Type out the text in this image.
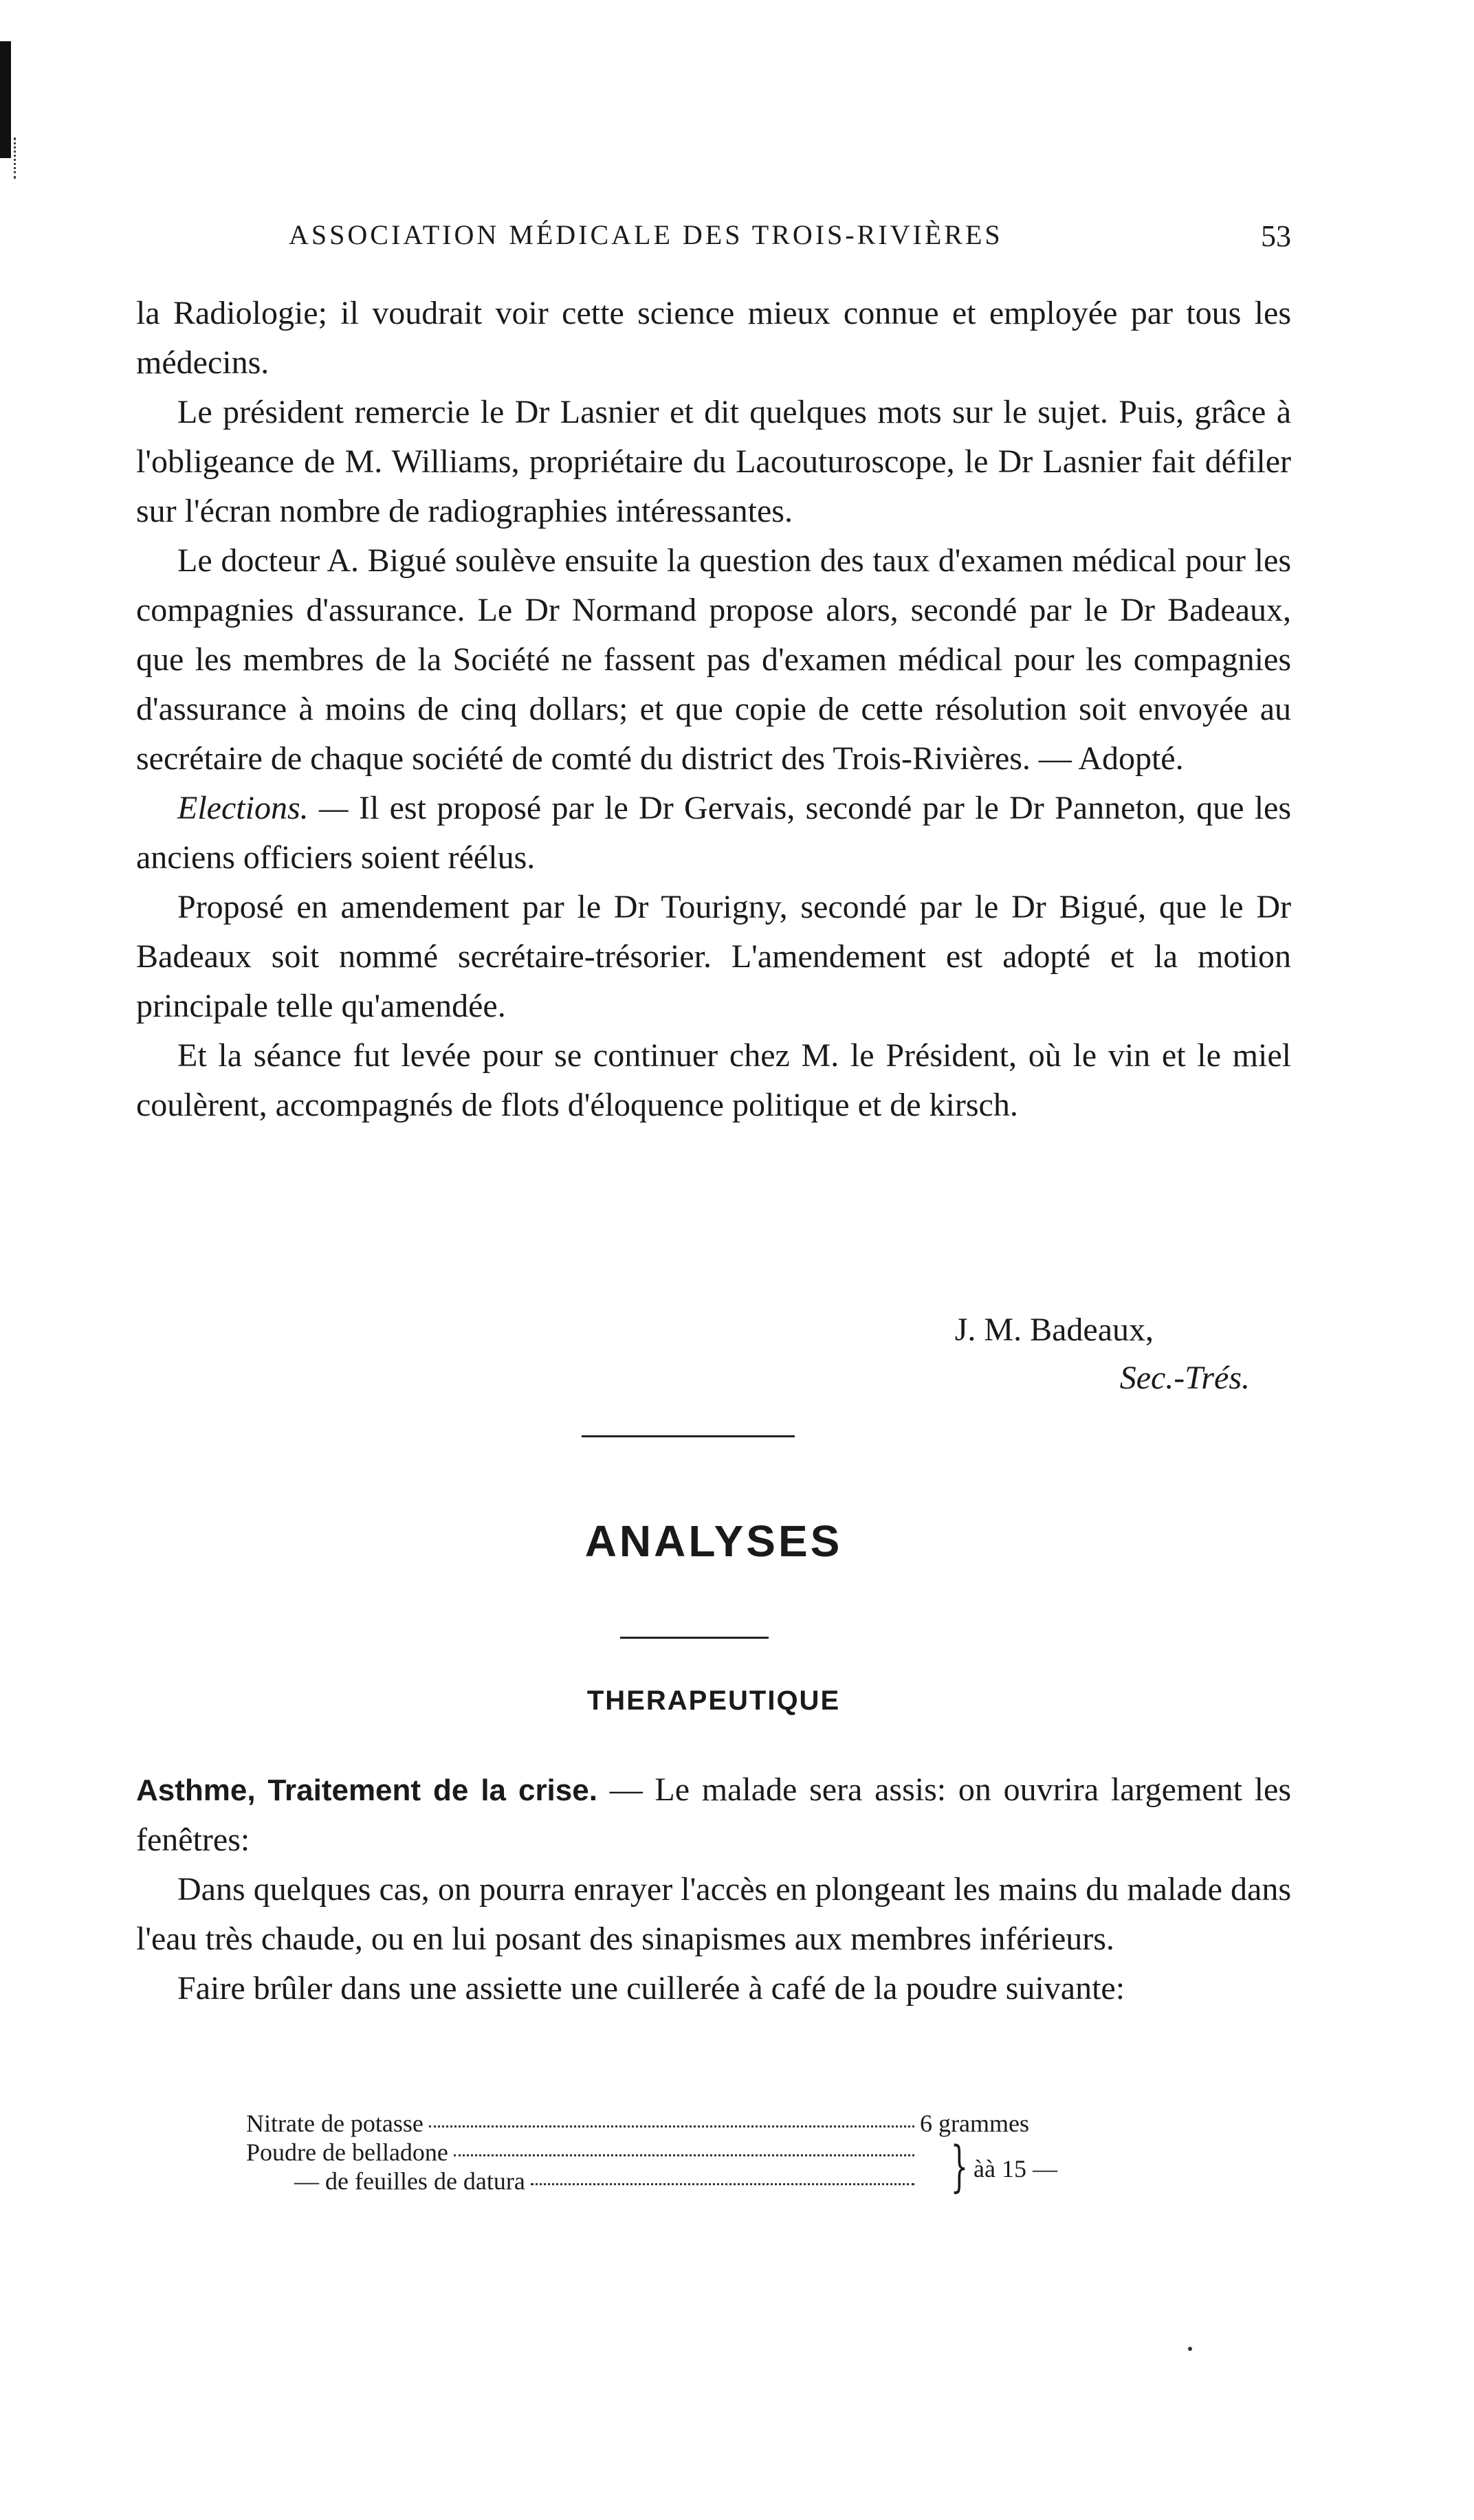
ASSOCIATION MÉDICALE DES TROIS-RIVIÈRES	53

la Radiologie; il voudrait voir cette science mieux connue et employée par tous les médecins.

Le président remercie le Dr Lasnier et dit quelques mots sur le sujet. Puis, grâce à l'obligeance de M. Williams, propriétaire du Lacouturoscope, le Dr Lasnier fait défiler sur l'écran nombre de radiographies intéressantes.

Le docteur A. Bigué soulève ensuite la question des taux d'examen médical pour les compagnies d'assurance. Le Dr Normand propose alors, secondé par le Dr Badeaux, que les membres de la Société ne fassent pas d'examen médical pour les compagnies d'assurance à moins de cinq dollars; et que copie de cette résolution soit envoyée au secrétaire de chaque société de comté du district des Trois-Rivières. — Adopté.

Elections. — Il est proposé par le Dr Gervais, secondé par le Dr Panneton, que les anciens officiers soient réélus.

Proposé en amendement par le Dr Tourigny, secondé par le Dr Bigué, que le Dr Badeaux soit nommé secrétaire-trésorier. L'amendement est adopté et la motion principale telle qu'amendée.

Et la séance fut levée pour se continuer chez M. le Président, où le vin et le miel coulèrent, accompagnés de flots d'éloquence politique et de kirsch.

J. M. Badeaux,
Sec.-Trés.
ANALYSES
THERAPEUTIQUE

Asthme, Traitement de la crise. — Le malade sera assis: on ouvrira largement les fenêtres:

Dans quelques cas, on pourra enrayer l'accès en plongeant les mains du malade dans l'eau très chaude, ou en lui posant des sinapismes aux membres inférieurs.

Faire brûler dans une assiette une cuillerée à café de la poudre suivante:

Nitrate de potasse	6 grammes
Poudre de belladone
— de feuilles de datura	} àà 15 —
